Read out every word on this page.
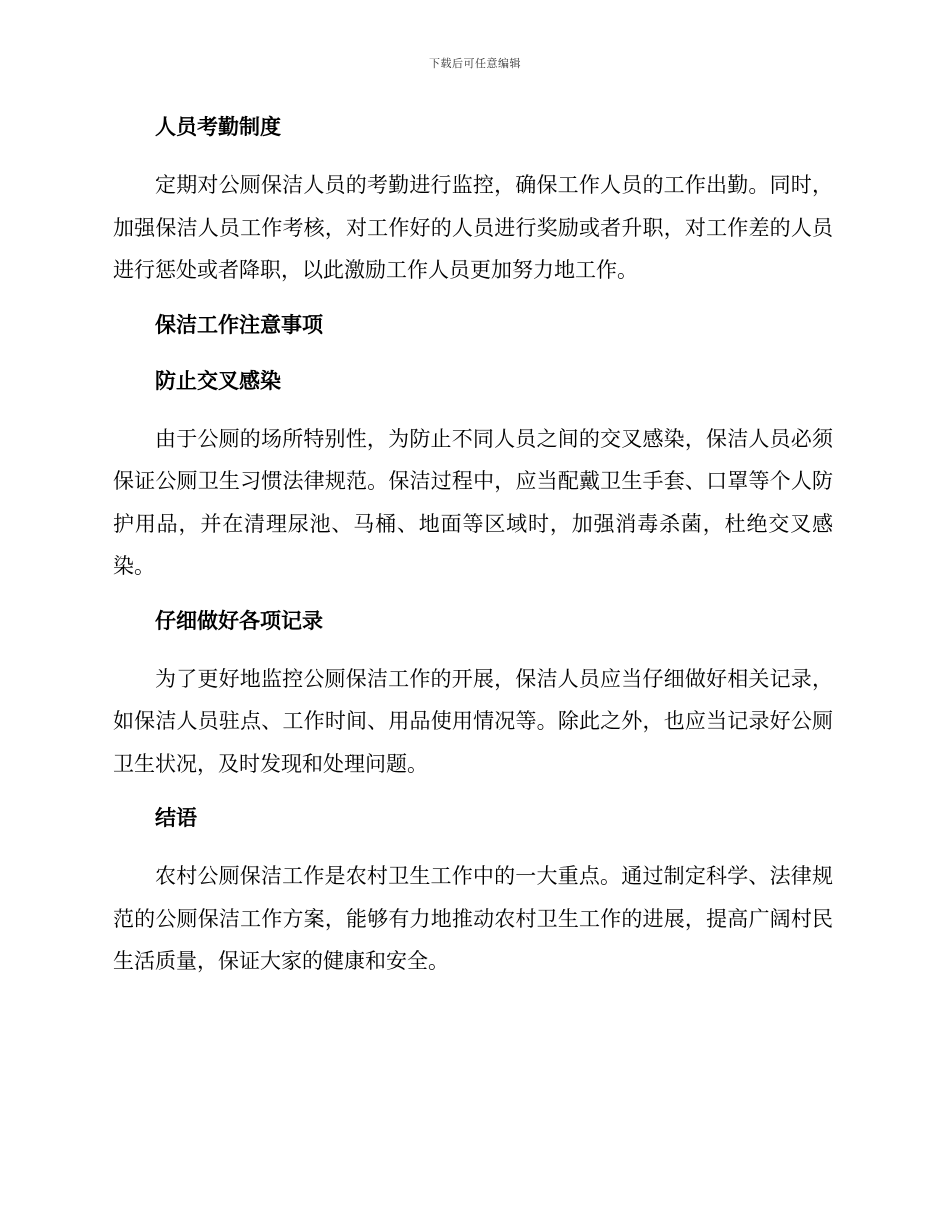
下载后可任意编辑
人员考勤制度

定期对公厕保洁人员的考勤进行监控，确保工作人员的工作出勤。同时，加强保洁人员工作考核，对工作好的人员进行奖励或者升职，对工作差的人员进行惩处或者降职，以此激励工作人员更加努力地工作。

保洁工作注意事项
防止交叉感染

由于公厕的场所特别性，为防止不同人员之间的交叉感染，保洁人员必须保证公厕卫生习惯法律规范。保洁过程中，应当配戴卫生手套、口罩等个人防护用品，并在清理尿池、马桶、地面等区域时，加强消毒杀菌，杜绝交叉感染。

仔细做好各项记录

为了更好地监控公厕保洁工作的开展，保洁人员应当仔细做好相关记录，如保洁人员驻点、工作时间、用品使用情况等。除此之外，也应当记录好公厕卫生状况，及时发现和处理问题。

结语

农村公厕保洁工作是农村卫生工作中的一大重点。通过制定科学、法律规范的公厕保洁工作方案，能够有力地推动农村卫生工作的进展，提高广阔村民生活质量，保证大家的健康和安全。
